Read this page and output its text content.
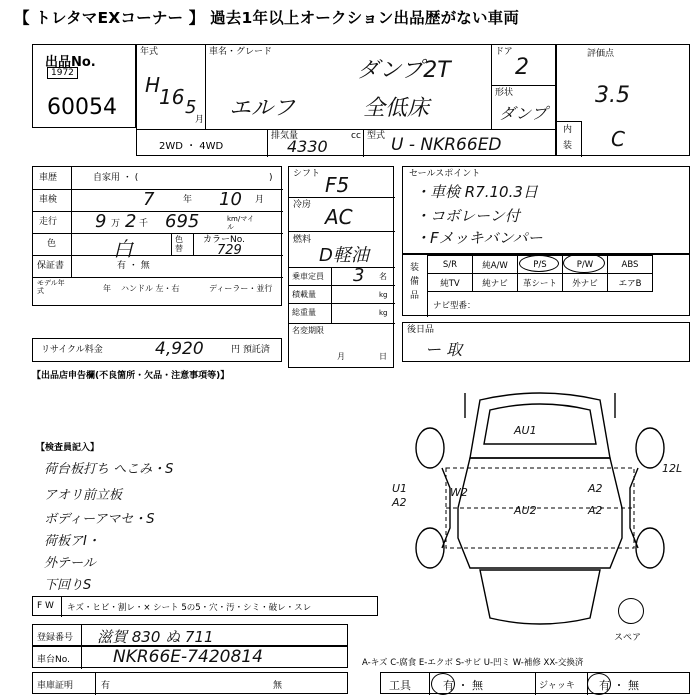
【 トレタマEXコーナー 】 過去1年以上オークション出品歴がない車両
出品No.
1972
60054
年式
H
16 5
月
車名・グレード
ダンプ2T
エルフ	全低床
ドア
2
形状
ダンプ
2WD ・ 4WD
排気量
4330
cc 型式 U - NKR66ED
評価点
3.5
内
装 C
車歴	自家用 ・ (	)
車検	7	年 10 月
走行 9 万 2 千 695	km/マイル
色	白	色替
カラーNo.
729
保証書	有 ・ 無
モデル年式	年 ハンドル 左・右	ディーラー・並行
リサイクル料金	4,920	円 預託済
シフト F5
冷房 AC
燃料
D軽油
乗車定員 3 名
積載量	kg
総重量	kg
名変期限
月	日
セールスポイント
・車検 R7.10.3日
・コボレーン付
・Fメッキバンパー
装備品
S/R	純A/W	P/S	P/W	ABS
純TV	純ナビ	革シート	外ナビ	エアB
ナビ型番：
後日品
ー 取
【出品店申告欄(不良箇所・欠品・注意事項等)】
【検査員記入】
荷台板打ち へこみ・S
アオリ前立板
ボディーアマセ・S
荷板アI・
外テール
下回りS
AU1
W2
AU2
A2
U1
A2
A2
12L
スペア
F W キズ・ヒビ・割レ・× シート 5の5・穴・汚・シミ・破レ・スレ
登録番号 滋賀 830 ぬ 711
車台No.	NKR66E-7420814	A-キズ C-腐食 E-エクボ S-サビ U-凹ミ W-補修 XX-交換済
車庫証明	有	無	工具	有 ・ 無	ジャッキ 有 ・ 無
